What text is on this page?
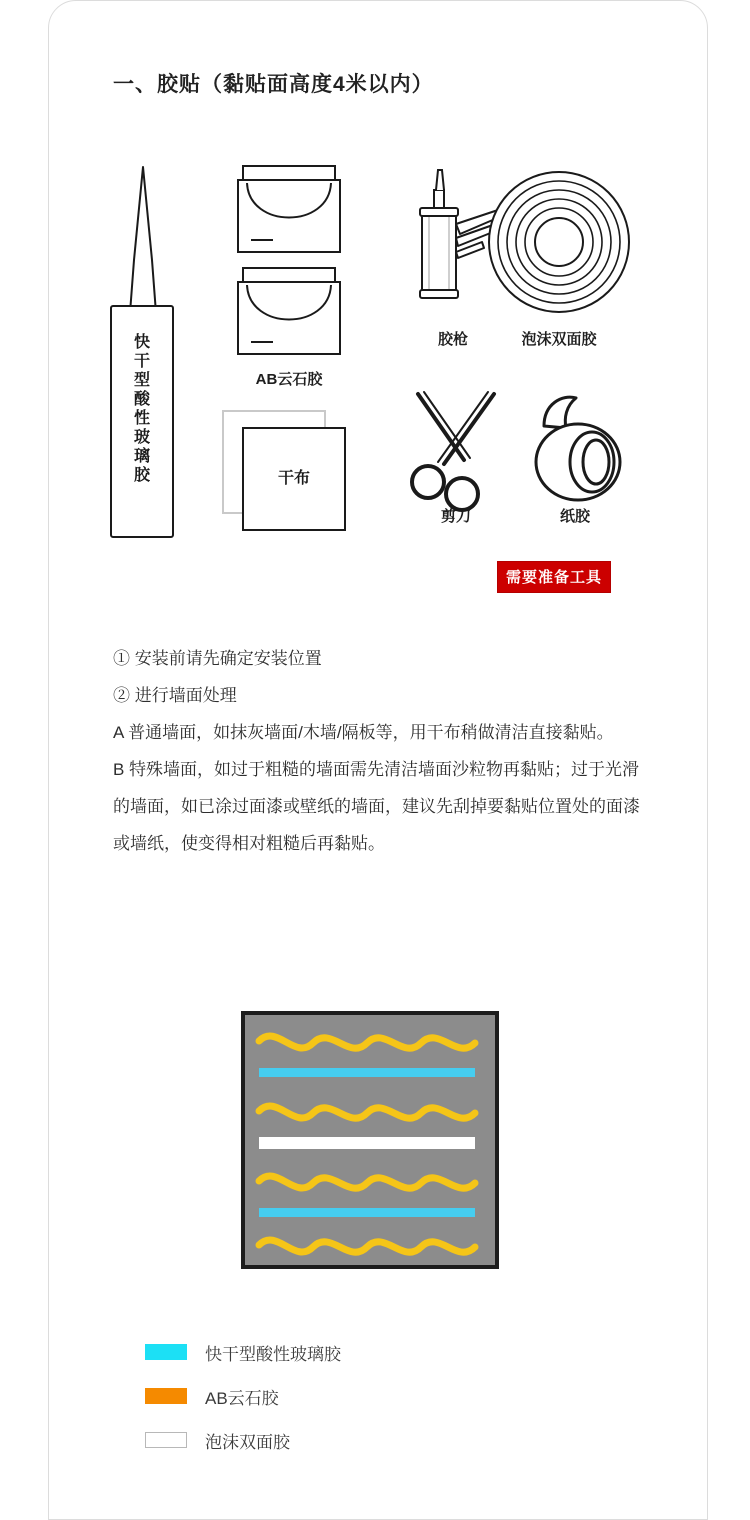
一、胶贴（黏贴面高度4米以内）
快干型酸性玻璃胶
AB云石胶
胶枪	泡沫双面胶
干布
剪刀	纸胶
需要准备工具
① 安装前请先确定安装位置
② 进行墙面处理
A 普通墙面，如抹灰墙面/木墙/隔板等，用干布稍做清洁直接黏贴。
B 特殊墙面，如过于粗糙的墙面需先清洁墙面沙粒物再黏贴；过于光滑的墙面，如已涂过面漆或壁纸的墙面，建议先刮掉要黏贴位置处的面漆或墙纸，使变得相对粗糙后再黏贴。
快干型酸性玻璃胶
AB云石胶
泡沫双面胶
